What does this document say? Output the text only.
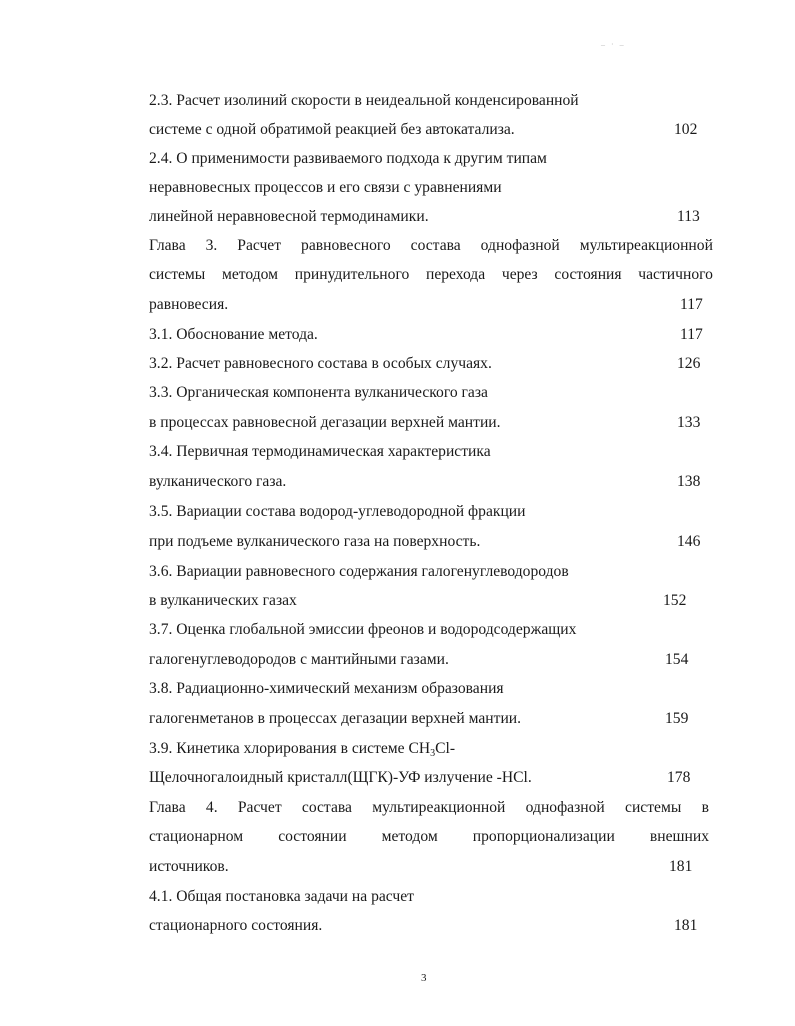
– · –
2.3. Расчет изолиний скорости в неидеальной конденсированной
системе с одной обратимой реакцией без автокатализа.	102
2.4. О применимости развиваемого подхода к другим типам
неравновесных процессов и его связи с уравнениями
линейной неравновесной термодинамики.	113
Глава 3. Расчет равновесного состава однофазной мультиреакционной
системы методом принудительного перехода через состояния частичного
равновесия.	117
3.1. Обоснование метода.	117
3.2. Расчет равновесного состава в особых случаях.	126
3.3. Органическая компонента вулканического газа
в процессах равновесной дегазации верхней мантии.	133
3.4. Первичная термодинамическая характеристика
вулканического газа.	138
3.5. Вариации состава водород-углеводородной фракции
при подъеме вулканического газа на поверхность.	146
3.6. Вариации равновесного содержания галогенуглеводородов
в вулканических газах	152
3.7. Оценка глобальной эмиссии фреонов и водородсодержащих
галогенуглеводородов с мантийными газами.	154
3.8. Радиационно-химический механизм образования
галогенметанов в процессах дегазации верхней мантии.	159
3.9. Кинетика хлорирования в системе $CH_3Cl-$
Щелочногалоидный кристалл(ЩГК)-УФ излучение -HCl.	178
Глава 4. Расчет состава мультиреакционной однофазной системы в
стационарном состоянии методом пропорционализации внешних
источников.	181
4.1. Общая постановка задачи на расчет
стационарного состояния.	181
3
